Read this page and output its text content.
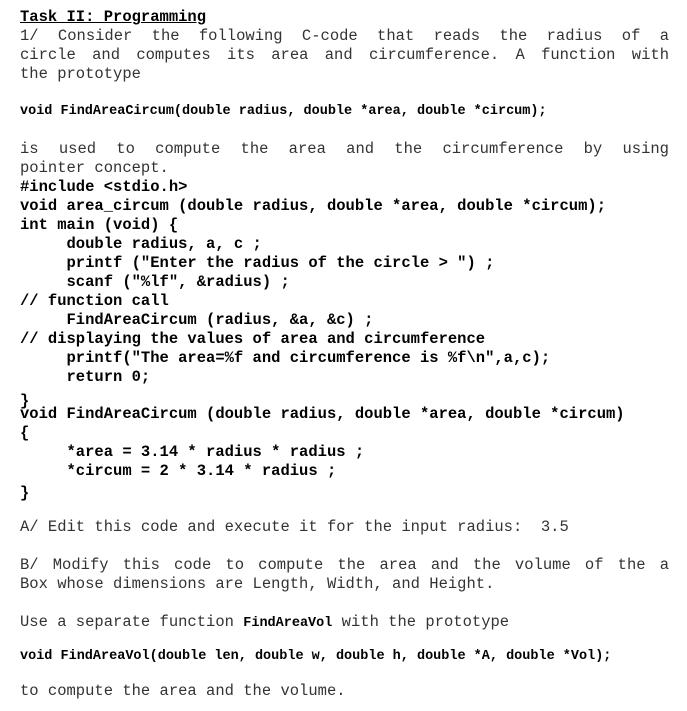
Task II: Programming

1/ Consider the following C-code that reads the radius of a

circle and computes its area and circumference. A function with

the prototype

void FindAreaCircum(double radius, double *area, double *circum);

is used to compute the area and the circumference by using

pointer concept.

#include <stdio.h>

void area_circum (double radius, double *area, double *circum);

int main (void) {

double radius, a, c ;

printf ("Enter the radius of the circle > ") ;

scanf ("%lf", &radius) ;

// function call

FindAreaCircum (radius, &a, &c) ;

// displaying the values of area and circumference

printf("The area=%f and circumference is %f\n",a,c);

return 0;

}

void FindAreaCircum (double radius, double *area, double *circum)

{

*area = 3.14 * radius * radius ;

*circum = 2 * 3.14 * radius ;

}

A/ Edit this code and execute it for the input radius:  3.5

B/ Modify this code to compute the area and the volume of the a

Box whose dimensions are Length, Width, and Height.

Use a separate function FindAreaVol with the prototype

void FindAreaVol(double len, double w, double h, double *A, double *Vol);

to compute the area and the volume.
